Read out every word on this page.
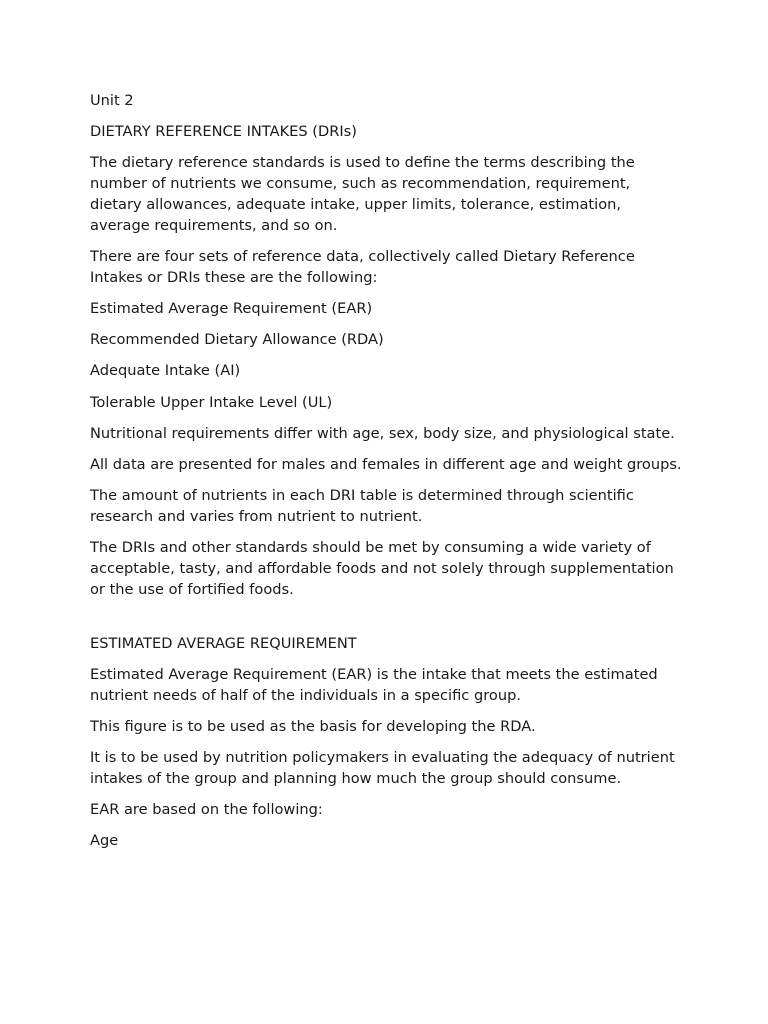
Unit 2

DIETARY REFERENCE INTAKES (DRIs)

The dietary reference standards is used to define the terms describing the number of nutrients we consume, such as recommendation, requirement, dietary allowances, adequate intake, upper limits, tolerance, estimation, average requirements, and so on.

There are four sets of reference data, collectively called Dietary Reference Intakes or DRIs these are the following:

Estimated Average Requirement (EAR)

Recommended Dietary Allowance (RDA)

Adequate Intake (AI)

Tolerable Upper Intake Level (UL)

Nutritional requirements differ with age, sex, body size, and physiological state.

All data are presented for males and females in different age and weight groups.

The amount of nutrients in each DRI table is determined through scientific research and varies from nutrient to nutrient.

The DRIs and other standards should be met by consuming a wide variety of acceptable, tasty, and affordable foods and not solely through supplementation or the use of fortified foods.

ESTIMATED AVERAGE REQUIREMENT

Estimated Average Requirement (EAR) is the intake that meets the estimated nutrient needs of half of the individuals in a specific group.

This figure is to be used as the basis for developing the RDA.

It is to be used by nutrition policymakers in evaluating the adequacy of nutrient intakes of the group and planning how much the group should consume.

EAR are based on the following:

Age
